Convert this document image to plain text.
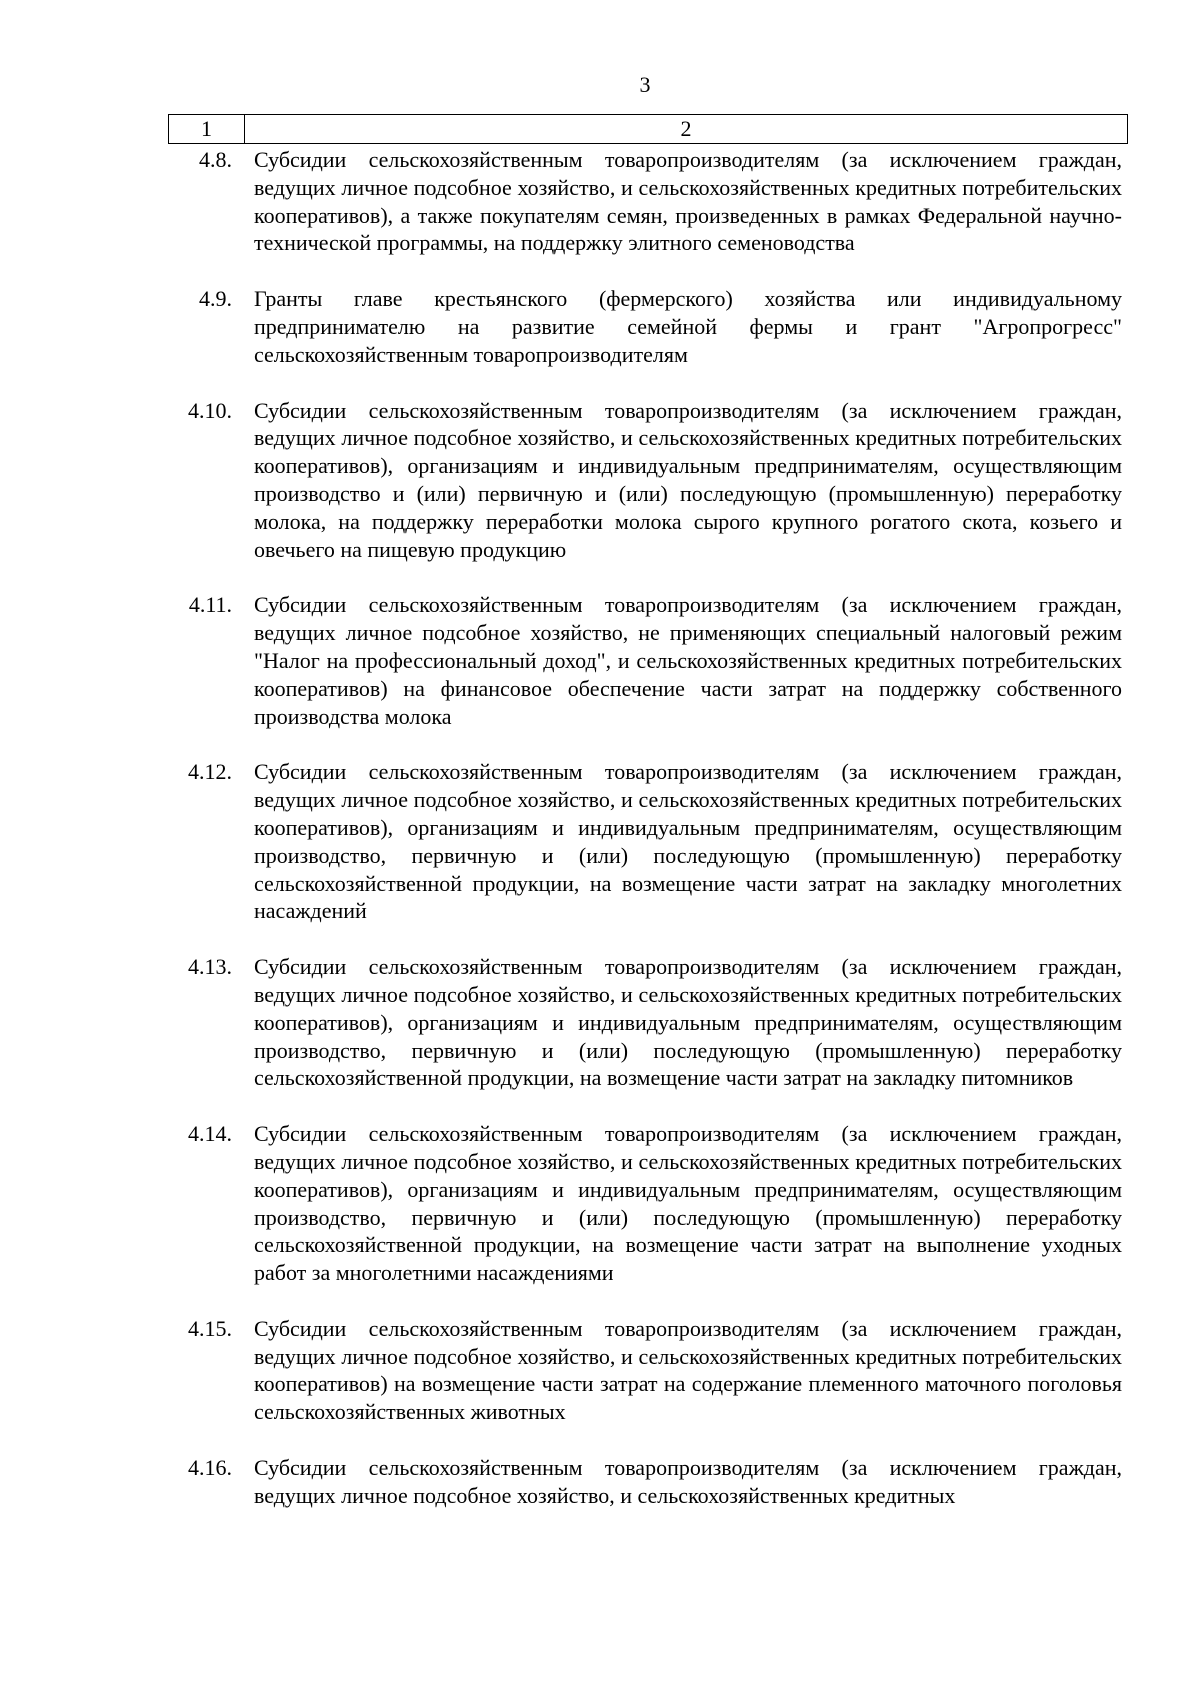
3
1	2
4.8.	Субсидии сельскохозяйственным товаропроизводителям (за исключением граждан, ведущих личное подсобное хозяйство, и сельскохозяйственных кредитных потребительских кооперативов), а также покупателям семян, произведенных в рамках Федеральной научно-технической программы, на поддержку элитного семеноводства
4.9.	Гранты главе крестьянского (фермерского) хозяйства или индивидуальному предпринимателю на развитие семейной фермы и грант "Агропрогресс" сельскохозяйственным товаропроизводителям
4.10.	Субсидии сельскохозяйственным товаропроизводителям (за исключением граждан, ведущих личное подсобное хозяйство, и сельскохозяйственных кредитных потребительских кооперативов), организациям и индивидуальным предпринимателям, осуществляющим производство и (или) первичную и (или) последующую (промышленную) переработку молока, на поддержку переработки молока сырого крупного рогатого скота, козьего и овечьего на пищевую продукцию
4.11.	Субсидии сельскохозяйственным товаропроизводителям (за исключением граждан, ведущих личное подсобное хозяйство, не применяющих специальный налоговый режим "Налог на профессиональный доход", и сельскохозяйственных кредитных потребительских кооперативов) на финансовое обеспечение части затрат на поддержку собственного производства молока
4.12.	Субсидии сельскохозяйственным товаропроизводителям (за исключением граждан, ведущих личное подсобное хозяйство, и сельскохозяйственных кредитных потребительских кооперативов), организациям и индивидуальным предпринимателям, осуществляющим производство, первичную и (или) последующую (промышленную) переработку сельскохозяйственной продукции, на возмещение части затрат на закладку многолетних насаждений
4.13.	Субсидии сельскохозяйственным товаропроизводителям (за исключением граждан, ведущих личное подсобное хозяйство, и сельскохозяйственных кредитных потребительских кооперативов), организациям и индивидуальным предпринимателям, осуществляющим производство, первичную и (или) последующую (промышленную) переработку сельскохозяйственной продукции, на возмещение части затрат на закладку питомников
4.14.	Субсидии сельскохозяйственным товаропроизводителям (за исключением граждан, ведущих личное подсобное хозяйство, и сельскохозяйственных кредитных потребительских кооперативов), организациям и индивидуальным предпринимателям, осуществляющим производство, первичную и (или) последующую (промышленную) переработку сельскохозяйственной продукции, на возмещение части затрат на выполнение уходных работ за многолетними насаждениями
4.15.	Субсидии сельскохозяйственным товаропроизводителям (за исключением граждан, ведущих личное подсобное хозяйство, и сельскохозяйственных кредитных потребительских кооперативов) на возмещение части затрат на содержание племенного маточного поголовья сельскохозяйственных животных
4.16.	Субсидии сельскохозяйственным товаропроизводителям (за исключением граждан, ведущих личное подсобное хозяйство, и сельскохозяйственных кредитных
